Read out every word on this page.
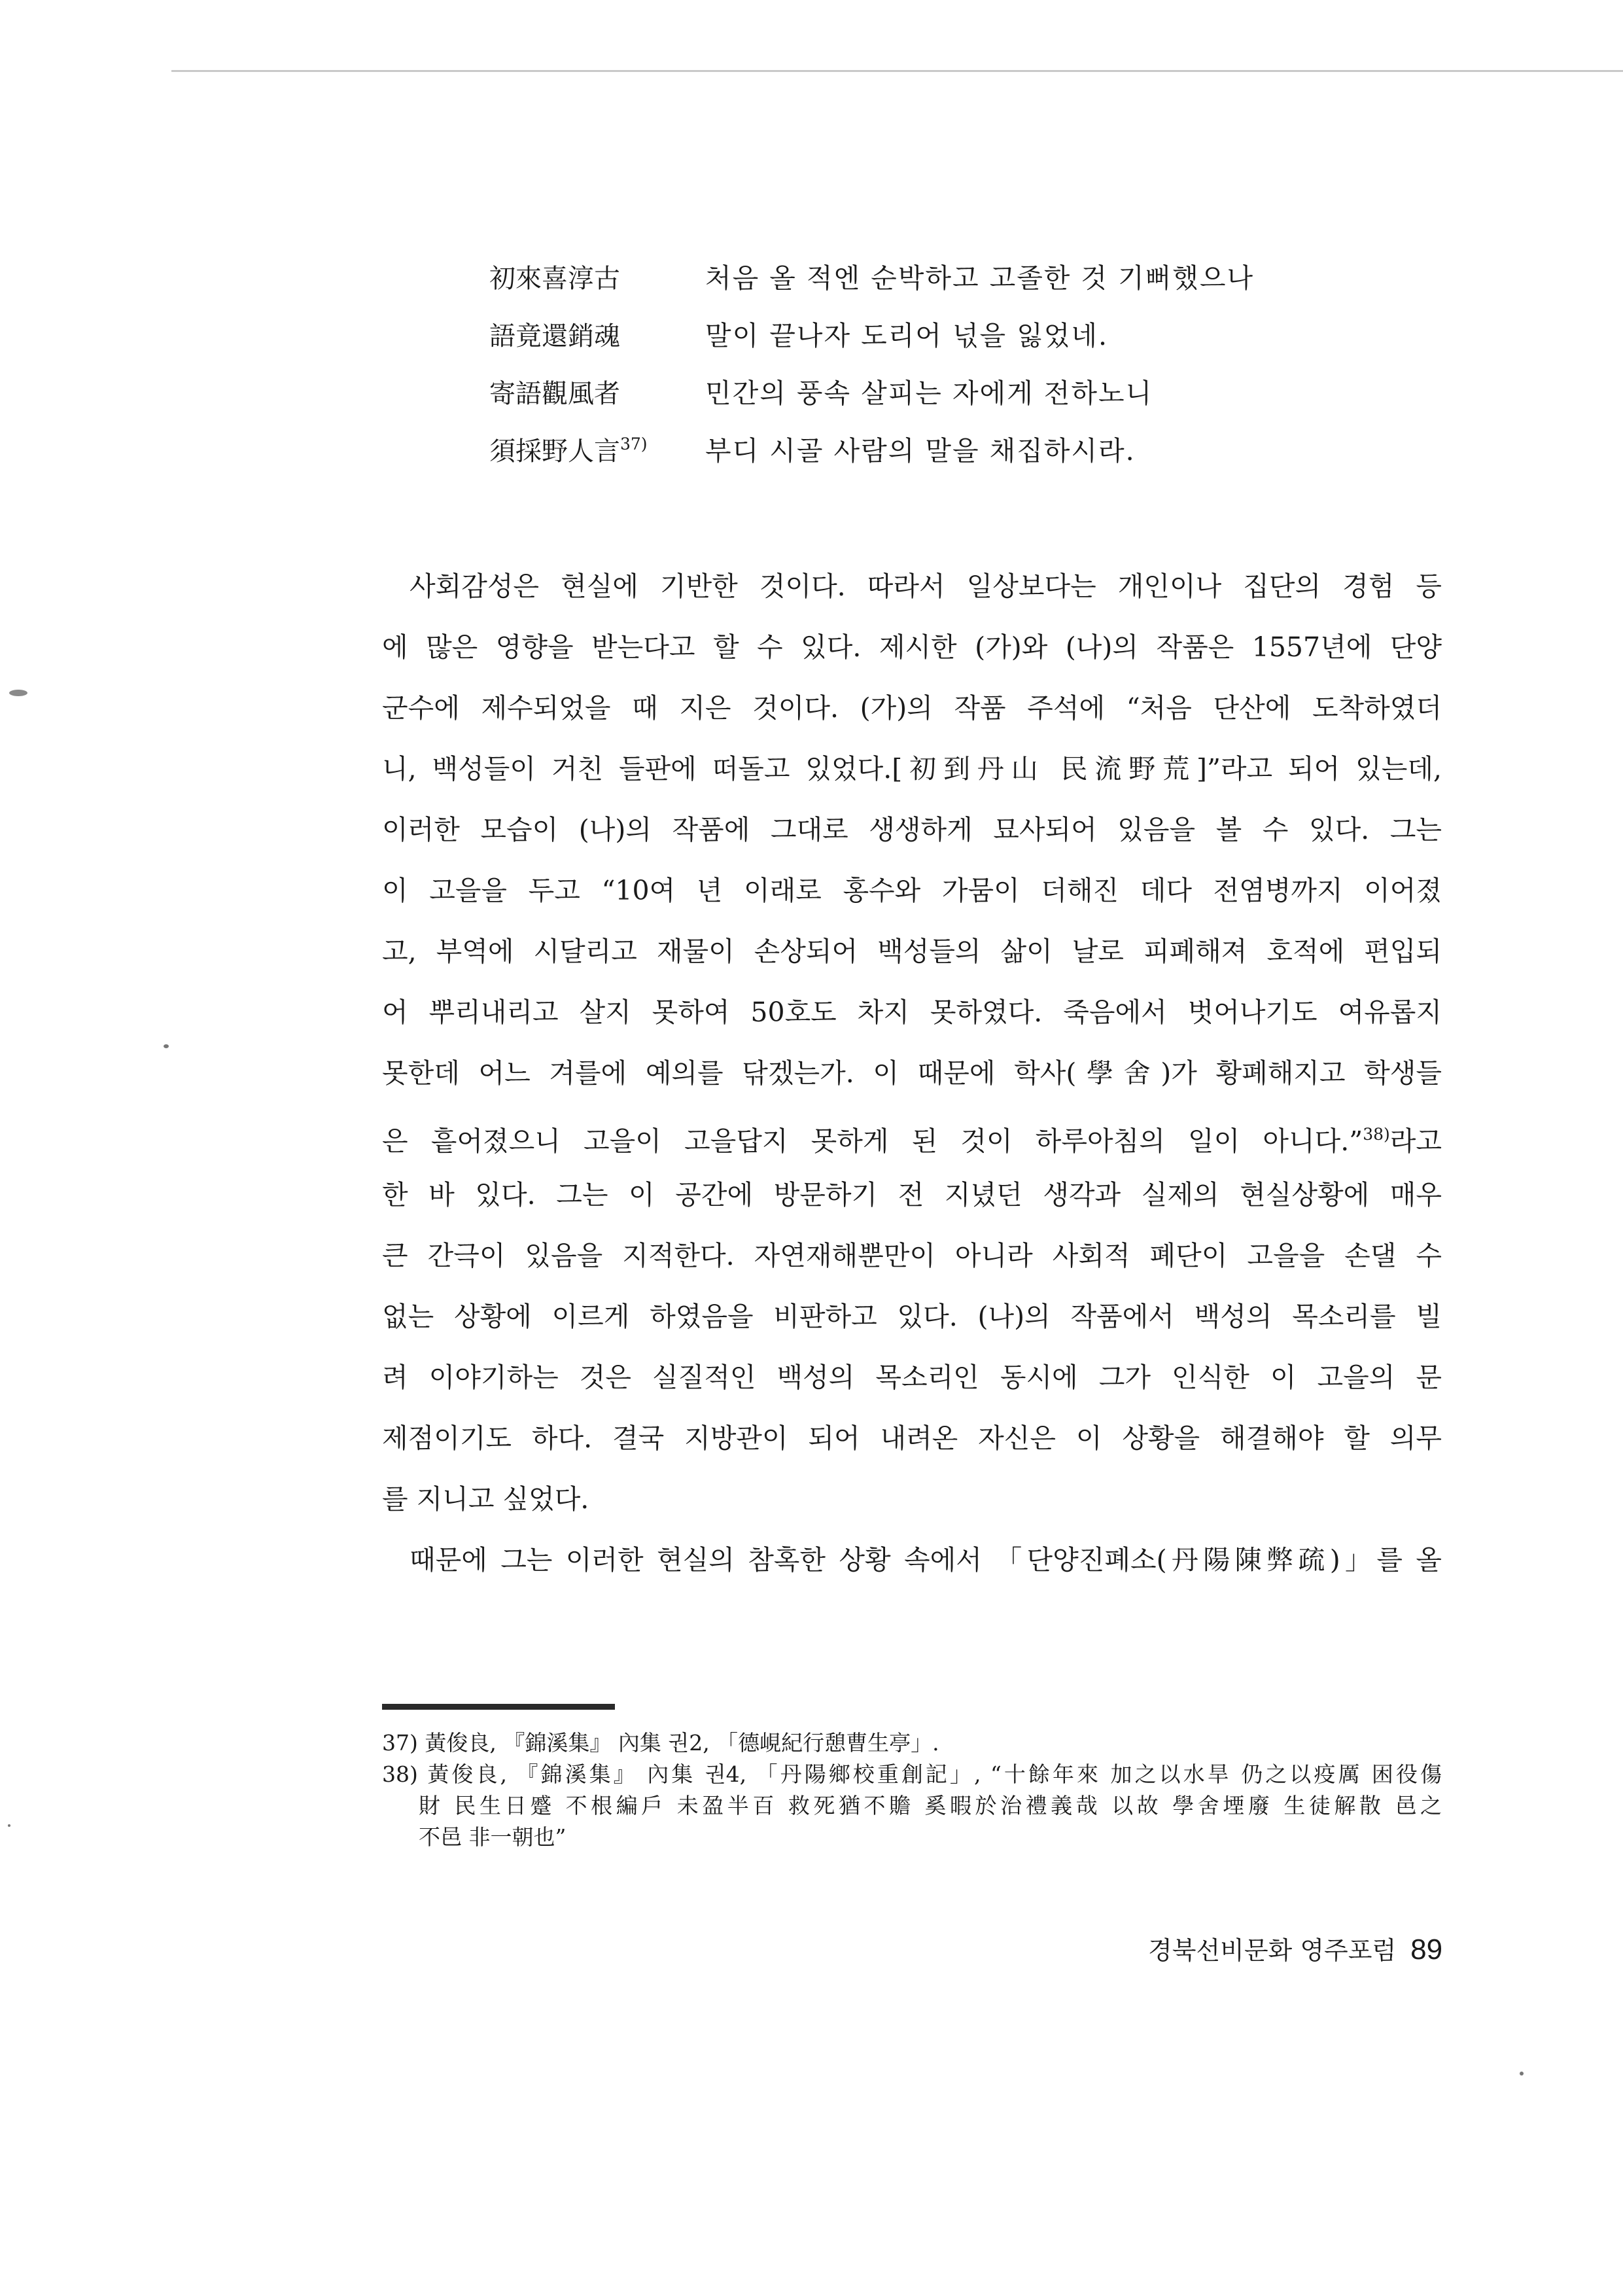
初來喜淳古	처음 올 적엔 순박하고 고졸한 것 기뻐했으나
語竟還銷魂	말이 끝나자 도리어 넋을 잃었네.
寄語觀風者	민간의 풍속 살피는 자에게 전하노니
須採野人言$^{37)}$	부디 시골 사람의 말을 채집하시라.
사회감성은 현실에 기반한 것이다. 따라서 일상보다는 개인이나 집단의 경험 등
에 많은 영향을 받는다고 할 수 있다. 제시한 (가)와 (나)의 작품은 1557년에 단양
군수에 제수되었을 때 지은 것이다. (가)의 작품 주석에 “처음 단산에 도착하였더
니, 백성들이 거친 들판에 떠돌고 있었다.[初到丹山 民流野荒]”라고 되어 있는데,
이러한 모습이 (나)의 작품에 그대로 생생하게 묘사되어 있음을 볼 수 있다. 그는
이 고을을 두고 “10여 년 이래로 홍수와 가뭄이 더해진 데다 전염병까지 이어졌
고, 부역에 시달리고 재물이 손상되어 백성들의 삶이 날로 피폐해져 호적에 편입되
어 뿌리내리고 살지 못하여 50호도 차지 못하였다. 죽음에서 벗어나기도 여유롭지
못한데 어느 겨를에 예의를 닦겠는가. 이 때문에 학사(學舍)가 황폐해지고 학생들
은 흩어졌으니 고을이 고을답지 못하게 된 것이 하루아침의 일이 아니다.”$^{38)}$라고
한 바 있다. 그는 이 공간에 방문하기 전 지녔던 생각과 실제의 현실상황에 매우
큰 간극이 있음을 지적한다. 자연재해뿐만이 아니라 사회적 폐단이 고을을 손댈 수
없는 상황에 이르게 하였음을 비판하고 있다. (나)의 작품에서 백성의 목소리를 빌
려 이야기하는 것은 실질적인 백성의 목소리인 동시에 그가 인식한 이 고을의 문
제점이기도 하다. 결국 지방관이 되어 내려온 자신은 이 상황을 해결해야 할 의무
를 지니고 싶었다.
때문에 그는 이러한 현실의 참혹한 상황 속에서 「단양진폐소(丹陽陳弊疏)」를 올
37) 黃俊良, 『錦溪集』 內集 권2, 「德峴紀行憩曹生亭」.
38) 黃俊良, 『錦溪集』 內集 권4, 「丹陽鄉校重創記」, “十餘年來 加之以水旱 仍之以疫厲 困役傷
財 民生日蹙 不根編戶 未盈半百 救死猶不贍 奚暇於治禮義哉 以故 學舍堙廢 生徒解散 邑之
不邑 非一朝也”
경북선비문화 영주포럼 89
